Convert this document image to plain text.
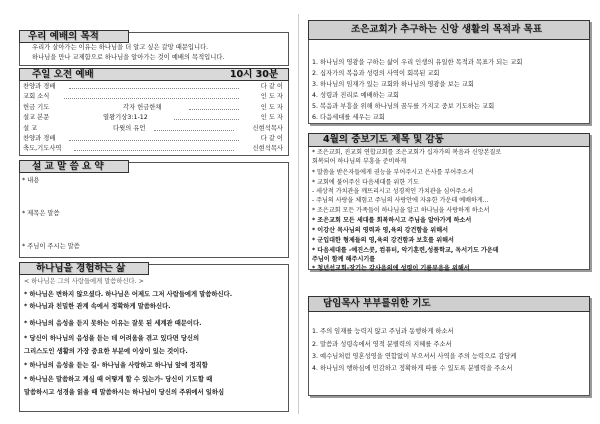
우리 예배의 목적
우리가 살아가는 이유는 하나님을 더 알고 싶은 갈망 때문입니다.
하나님을 만나 교제함으로 하나님을 알아가는 것이 예배의 목적입니다.
주일 오전 예배	10시 30분
찬양과 경배	다 같 이
교회 소식	인 도 자
헌금 기도	각자 헌금한채	인 도 자
설교 본문	열왕기상3:1-12	인 도 자
설 교	다윗의 유언	신현석목사
찬양과 경배	다 같 이
축도,기도사역	신현석목사
설 교 말 씀 요 약
* 내용
* 제목은 말씀
* 주님이 주시는 말씀
하나님을 경험하는 삶
< 하나님은 그의 사랑들에게 말씀하신다. >
* 하나님은 변하지 않으셨다. 하나님은 어제도 그저 사람들에게 말씀하신다.
* 하나님과 친밀한 관계 속에서 정확하게 말씀하신다.
* 하나님의 음성을 듣지 못하는 이유는 잘못 된 세계관 때문이다.
* 당신이 하나님의 음성을 듣는 데 어려움을 겪고 있다면 당신의
그리스도인 생활의 가장 중요한 부분에 이상이 있는 것이다.
* 하나님의 음성을 듣는 길- 하나님을 사랑하고 하나님 앞에 정직함
* 하나님은 말씀하고 계심 때 어떻게 할 수 있는가- 당신이 기도할 때
말씀하시고 성경을 읽을 때 말씀하시는 하나님이 당신의 주위에서 일하심
조은교회가 추구하는 신앙 생활의 목적과 목표
1. 하나님의 영광을 구하는 삶이 우리 인생의 유일한 목적과 목표가 되는 교회
2. 십자가의 복음과 성령의 사역이 회복된 교회
3. 하나님의 임재가 있는 교회와 하나님의 영광을 보는 교회
4. 성령과 진리로 예배하는 교회
5. 복음과 부흥을 위해 하나님의 꿈두를 가지고 중보 기도하는 교회
6. 다음세대를 세우는 교회
4월의 중보기도 제목 및 감동
* 조은교회, 진교회 연합교회를 조은교회가 십자가의 복음과 신앙본질로
회복되어 하나님의 부흥을 준비하게
* 말씀을 받은자들에게 권능을 부어주시고 은사를 부어주소서
* 교회에 불어주신 다음세대를 위한 기도
- 세상적 가치관을 깨뜨리시고 성경적인 가치관을 심어주소서
- 주님의 사랑을 체험고 주님의 사랑안에 자유한 가운데 예배하게...
* 조은교회 모든 가족들이 하나님을 알고 하나님을 사랑하게 하소서
* 조은교회 모든 세대를 회복하시고 주님을 알아가게 하소서
* 이강산 목사님의 영력과 영,육의 강건함을 위해서
* 군입대한 형제들의 영,육의 강건함과 보호를 위해서
* 다음세대를 -예진스콧, 컴퓨터, 악기훈련,성품학교, 독서기도 가운데
주님이 함께 해주시기를
* 청년선교회-장기는 감사음의에 성령이 기름부음을 위해서
담임목사 부부를위한 기도
1. 주의 임재를 능력지 않고 주님과 동행하게 하소서
2. 말씀과 성령속에서 영적 분별력의 지혜를 주소서
3. 예수님처럼 영혼성영을 연합없이 부으셔서 사역을 주의 능력으로 감당케
4. 하나님의 행하심에 민감하고 정확하게 따를 수 있도록 분별력을 주소서
